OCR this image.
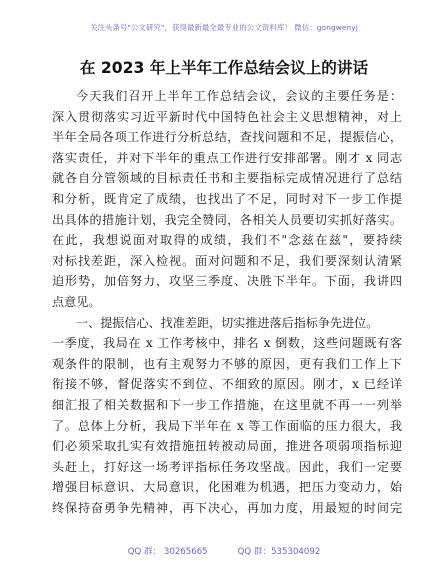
关注头条号"公文研究"，获得最新最全最专业的公文资料库！ 微信：gongwenyj
在 2023 年上半年工作总结会议上的讲话
今天我们召开上半年工作总结会议，会议的主要任务是：
深入贯彻落实习近平新时代中国特色社会主义思想精神，对上
半年全局各项工作进行分析总结，查找问题和不足，提振信心，
落实责任，并对下半年的重点工作进行安排部署。刚才 x 同志
就各自分管领域的目标责任书和主要指标完成情况进行了总结
和分析，既肯定了成绩，也找出了不足，同时对下一步工作提
出具体的措施计划，我完全赞同，各相关人员要切实抓好落实。
在此，我想说面对取得的成绩，我们不"念兹在兹"，要持续
对标找差距，深入检视。面对问题和不足，我们要深刻认清紧
迫形势，加倍努力，攻坚三季度、决胜下半年。下面，我讲四
点意见。
一、提振信心、找准差距，切实推进落后指标争先进位。
一季度，我局在 x 工作考核中，排名 x 倒数，这些问题既有客
观条件的限制，也有主观努力不够的原因，更有我们工作上下
衔接不够，督促落实不到位、不细致的原因。刚才，x 已经详
细汇报了相关数据和下一步工作措施，在这里就不再一一列举
了。总体上分析，我局下半年在 x 等工作面临的压力很大，我
们必须采取扎实有效措施扭转被动局面，推进各项弱项指标迎
头赶上，打好这一场考评指标任务攻坚战。因此，我们一定要
增强目标意识、大局意识，化困难为机遇，把压力变动力，始
终保持奋勇争先精神，再下决心，再加力度，用最短的时间完
QQ 群： 30265665	QQ 群：535304092
